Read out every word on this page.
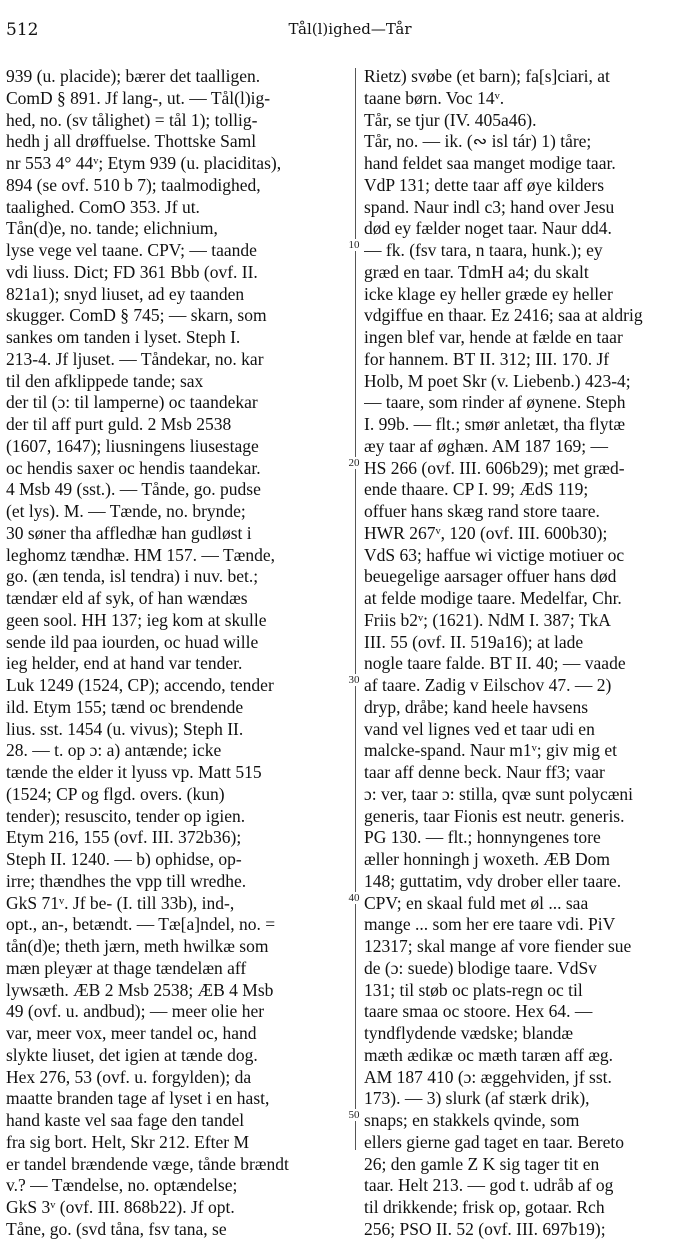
512	Tål(l)ighed—Tår
10
20
30
40
50
939 (u. placide); bærer det taalligen.
ComD § 891. Jf lang-, ut. — Tål(l)ig-
hed, no. (sv tålighet) = tål 1); tollig-
hedh j all drøffuelse. Thottske Saml
nr 553 4° 44ᵛ; Etym 939 (u. placiditas),
894 (se ovf. 510 b 7); taalmodighed,
taalighed. ComO 353. Jf ut.
Tån(d)e, no. tande; elichnium,
lyse vege vel taane. CPV; — taande
vdi liuss. Dict; FD 361 Bbb (ovf. II.
821a1); snyd liuset, ad ey taanden
skugger. ComD § 745; — skarn, som
sankes om tanden i lyset. Steph I.
213-4. Jf ljuset. — Tåndekar, no. kar
til den afklippede tande; sax
der til (ɔ: til lamperne) oc taandekar
der til aff purt guld. 2 Msb 2538
(1607, 1647); liusningens liusestage
oc hendis saxer oc hendis taandekar.
4 Msb 49 (sst.). — Tånde, go. pudse
(et lys). M. — Tænde, no. brynde;
30 søner tha affledhæ han gudløst i
leghomz tændhæ. HM 157. — Tænde,
go. (æn tenda, isl tendra) i nuv. bet.;
tændær eld af syk, of han wændæs
geen sool. HH 137; ieg kom at skulle
sende ild paa iourden, oc huad wille
ieg helder, end at hand var tender.
Luk 1249 (1524, CP); accendo, tender
ild. Etym 155; tænd oc brendende
lius. sst. 1454 (u. vivus); Steph II.
28. — t. op ɔ: a) antænde; icke
tænde the elder it lyuss vp. Matt 515
(1524; CP og flgd. overs. (kun)
tender); resuscito, tender op igien.
Etym 216, 155 (ovf. III. 372b36);
Steph II. 1240. — b) ophidse, op-
irre; thændhes the vpp till wredhe.
GkS 71ᵛ. Jf be- (I. till 33b), ind-,
opt., an-, betændt. — Tæ[a]ndel, no. =
tån(d)e; theth jærn, meth hwilkæ som
mæn pleyær at thage tændelæn aff
lywsæth. ÆB 2 Msb 2538; ÆB 4 Msb
49 (ovf. u. andbud); — meer olie her
var, meer vox, meer tandel oc, hand
slykte liuset, det igien at tænde dog.
Hex 276, 53 (ovf. u. forgylden); da
maatte branden tage af lyset i en hast,
hand kaste vel saa fage den tandel
fra sig bort. Helt, Skr 212. Efter M
er tandel brændende væge, tånde brændt
v.? — Tændelse, no. optændelse;
GkS 3ᵛ (ovf. III. 868b22). Jf opt.
Tåne, go. (svd tåna, fsv tana, se
Rietz) svøbe (et barn); fa[s]ciari, at
taane børn. Voc 14ᵛ.
Tår, se tjur (IV. 405a46).
Tår, no. — ik. (∾ isl tár) 1) tåre;
hand feldet saa manget modige taar.
VdP 131; dette taar aff øye kilders
spand. Naur indl c3; hand over Jesu
død ey fælder noget taar. Naur dd4.
— fk. (fsv tara, n taara, hunk.); ey
græd en taar. TdmH a4; du skalt
icke klage ey heller græde ey heller
vdgiffue en thaar. Ez 2416; saa at aldrig
ingen blef var, hende at fælde en taar
for hannem. BT II. 312; III. 170. Jf
Holb, M poet Skr (v. Liebenb.) 423-4;
— taare, som rinder af øynene. Steph
I. 99b. — flt.; smør anletæt, tha flytæ
æy taar af øghæn. AM 187 169; —
HS 266 (ovf. III. 606b29); met græd-
ende thaare. CP I. 99; ÆdS 119;
offuer hans skæg rand store taare.
HWR 267ᵛ, 120 (ovf. III. 600b30);
VdS 63; haffue wi victige motiuer oc
beuegelige aarsager offuer hans død
at felde modige taare. Medelfar, Chr.
Friis b2ᵛ; (1621). NdM I. 387; TkA
III. 55 (ovf. II. 519a16); at lade
nogle taare falde. BT II. 40; — vaade
af taare. Zadig v Eilschov 47. — 2)
dryp, dråbe; kand heele havsens
vand vel lignes ved et taar udi en
malcke-spand. Naur m1ᵛ; giv mig et
taar aff denne beck. Naur ff3; vaar
ɔ: ver, taar ɔ: stilla, qvæ sunt polycæni
generis, taar Fionis est neutr. generis.
PG 130. — flt.; honnyngenes tore
æller honningh j woxeth. ÆB Dom
148; guttatim, vdy drober eller taare.
CPV; en skaal fuld met øl ... saa
mange ... som her ere taare vdi. PiV
12317; skal mange af vore fiender sue
de (ɔ: suede) blodige taare. VdSv
131; til støb oc plats-regn oc til
taare smaa oc stoore. Hex 64. —
tyndflydende vædske; blandæ
mæth ædikæ oc mæth taræn aff æg.
AM 187 410 (ɔ: æggehviden, jf sst.
173). — 3) slurk (af stærk drik),
snaps; en stakkels qvinde, som
ellers gierne gad taget en taar. Bereto
26; den gamle Z K sig tager tit en
taar. Helt 213. — god t. udråb af og
til drikkende; frisk op, gotaar. Rch
256; PSO II. 52 (ovf. III. 697b19);
